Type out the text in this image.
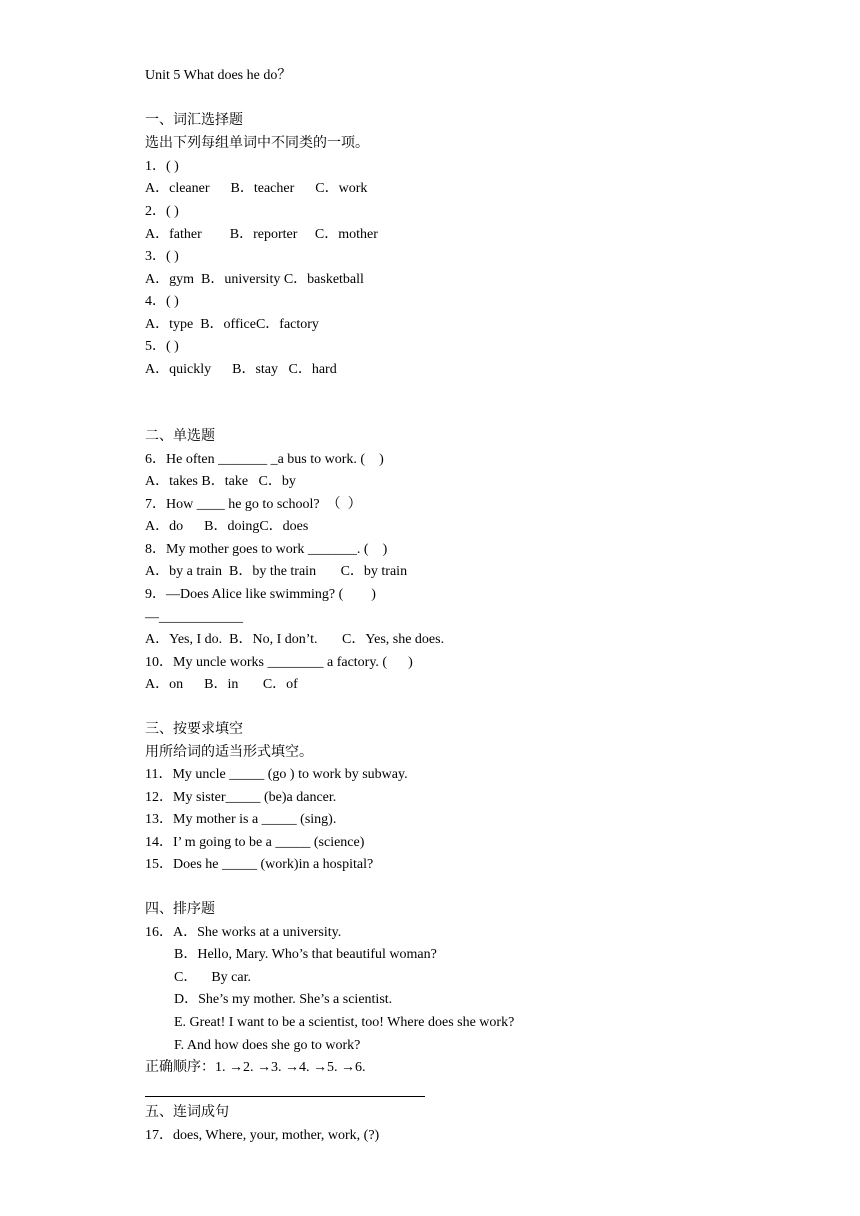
Unit 5 What does he do？
一、词汇选择题
选出下列每组单词中不同类的一项。
1．( )
A．cleaner      B．teacher      C．work
2．( )
A．father        B．reporter     C．mother
3．( )
A．gym  B．university C．basketball
4．( )
A．type  B．officeC．factory
5．( )
A．quickly      B．stay   C．hard
二、单选题
6．He often _______ _a bus to work. (    )
A．takes B．take   C．by
7．How ____ he go to school?  （  ）
A．do      B．doingC．does
8．My mother goes to work _______. (    )
A．by a train  B．by the train       C．by train
9．—Does Alice like swimming? (        )
—____________
A．Yes, I do.  B．No, I don’t.       C．Yes, she does.
10．My uncle works ________ a factory. (      )
A．on      B．in       C．of
三、按要求填空
用所给词的适当形式填空。
11．My uncle _____ (go ) to work by subway.
12．My sister_____ (be)a dancer.
13．My mother is a _____ (sing).
14．I’ m going to be a _____ (science)
15．Does he _____ (work)in a hospital?
四、排序题
16．A．She works at a university.
B．Hello, Mary. Who’s that beautiful woman?
C．    By car.
D．She’s my mother. She’s a scientist.
E. Great! I want to be a scientist, too! Where does she work?
F. And how does she go to work?
正确顺序：1. →2. →3. →4. →5. →6.
五、连词成句
17．does, Where, your, mother, work, (?)
